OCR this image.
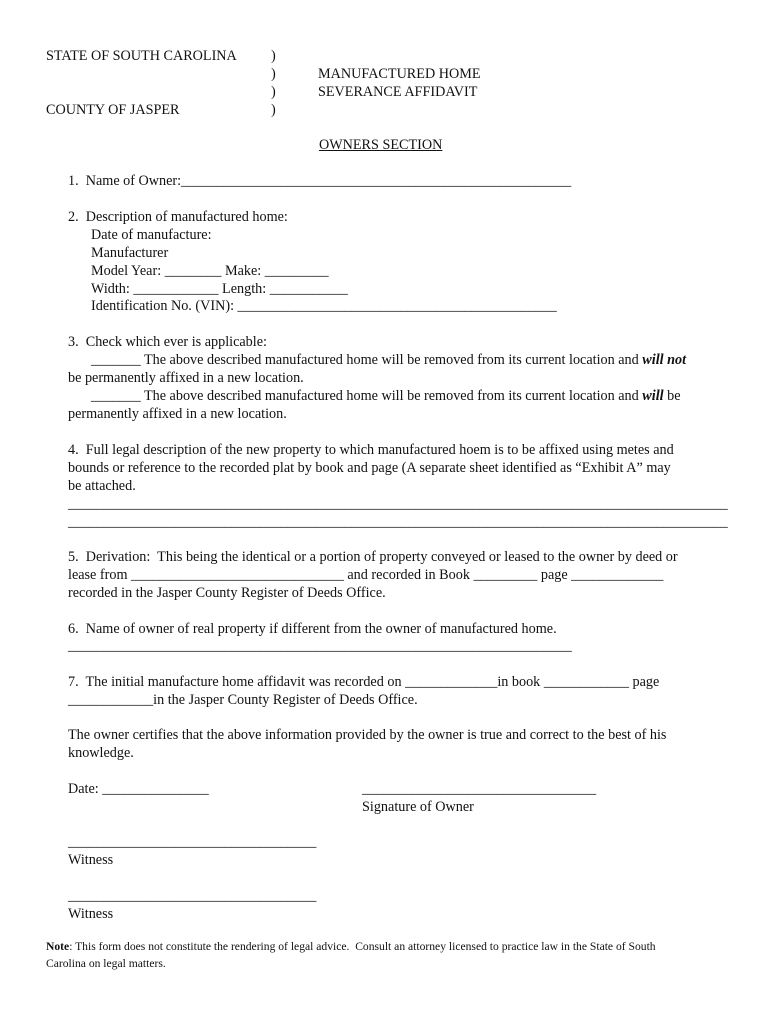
STATE OF SOUTH CAROLINA
COUNTY OF JASPER
)
)
)
)
MANUFACTURED HOME
SEVERANCE AFFIDAVIT
OWNERS SECTION
1.  Name of Owner:_______________________________________________________
2.  Description of manufactured home:
Date of manufacture:
Manufacturer
Model Year: ________ Make: _________
Width: ____________ Length: ___________
Identification No. (VIN): _____________________________________________
3.  Check which ever is applicable:
_______ The above described manufactured home will be removed from its current location and will not
be permanently affixed in a new location.
_______ The above described manufactured home will be removed from its current location and will be
permanently affixed in a new location.
4.  Full legal description of the new property to which manufactured hoem is to be affixed using metes and
bounds or reference to the recorded plat by book and page (A separate sheet identified as “Exhibit A” may
be attached.
_____________________________________________________________________________________________
_____________________________________________________________________________________________
5.  Derivation:  This being the identical or a portion of property conveyed or leased to the owner by deed or
lease from ______________________________ and recorded in Book _________ page _____________
recorded in the Jasper County Register of Deeds Office.
6.  Name of owner of real property if different from the owner of manufactured home.
_______________________________________________________________________
7.  The initial manufacture home affidavit was recorded on _____________in book ____________ page
____________in the Jasper County Register of Deeds Office.
The owner certifies that the above information provided by the owner is true and correct to the best of his
knowledge.
Date: _______________	_________________________________
Signature of Owner
___________________________________
Witness
___________________________________
Witness
Note: This form does not constitute the rendering of legal advice.  Consult an attorney licensed to practice law in the State of South
Carolina on legal matters.
